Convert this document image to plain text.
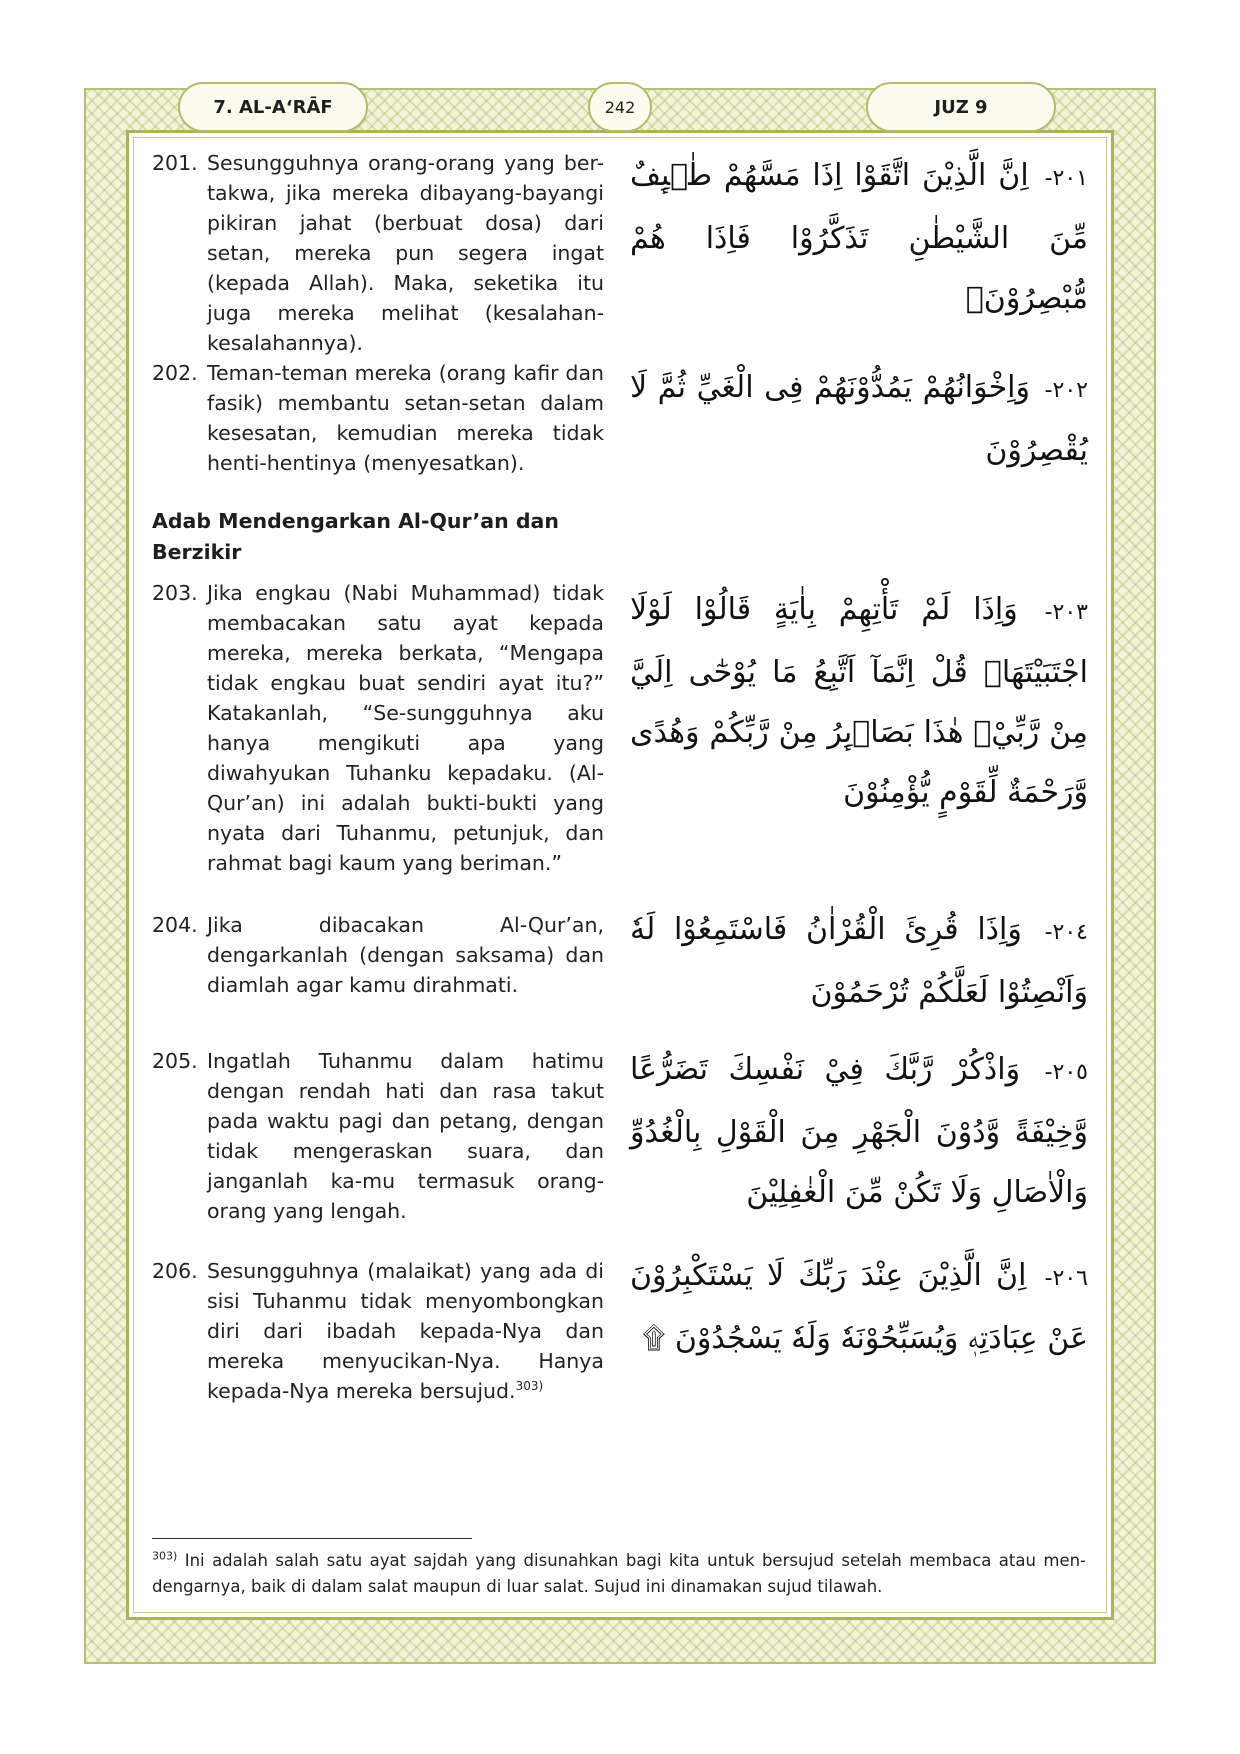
7. AL-A‘RĀF	242	JUZ 9
201. Sesungguhnya orang-orang yang ber-takwa, jika mereka dibayang-bayangi pikiran jahat (berbuat dosa) dari setan, mereka pun segera ingat (kepada Allah). Maka, seketika itu juga mereka melihat (kesalahan-kesalahannya).
٢٠١- اِنَّ الَّذِيْنَ اتَّقَوْا اِذَا مَسَّهُمْ طٰۤىِٕفٌ مِّنَ الشَّيْطٰنِ تَذَكَّرُوْا فَاِذَا هُمْ مُّبْصِرُوْنَۚ
202. Teman-teman mereka (orang kafir dan fasik) membantu setan-setan dalam kesesatan, kemudian mereka tidak henti-hentinya (menyesatkan).
٢٠٢- وَاِخْوَانُهُمْ يَمُدُّوْنَهُمْ فِى الْغَيِّ ثُمَّ لَا يُقْصِرُوْنَ
Adab Mendengarkan Al-Qur’an dan Berzikir
203. Jika engkau (Nabi Muhammad) tidak membacakan satu ayat kepada mereka, mereka berkata, “Mengapa tidak engkau buat sendiri ayat itu?” Katakanlah, “Se-sungguhnya aku hanya mengikuti apa yang diwahyukan Tuhanku kepadaku. (Al-Qur’an) ini adalah bukti-bukti yang nyata dari Tuhanmu, petunjuk, dan rahmat bagi kaum yang beriman.”
٢٠٣- وَاِذَا لَمْ تَأْتِهِمْ بِاٰيَةٍ قَالُوْا لَوْلَا اجْتَبَيْتَهَاۗ قُلْ اِنَّمَآ اَتَّبِعُ مَا يُوْحٰٓى اِلَيَّ مِنْ رَّبِّيْۗ هٰذَا بَصَاۤىِٕرُ مِنْ رَّبِّكُمْ وَهُدًى وَّرَحْمَةٌ لِّقَوْمٍ يُّؤْمِنُوْنَ
204. Jika dibacakan Al-Qur’an, dengarkanlah (dengan saksama) dan diamlah agar kamu dirahmati.
٢٠٤- وَاِذَا قُرِئَ الْقُرْاٰنُ فَاسْتَمِعُوْا لَهٗ وَاَنْصِتُوْا لَعَلَّكُمْ تُرْحَمُوْنَ
205. Ingatlah Tuhanmu dalam hatimu dengan rendah hati dan rasa takut pada waktu pagi dan petang, dengan tidak mengeraskan suara, dan janganlah ka-mu termasuk orang-orang yang lengah.
٢٠٥- وَاذْكُرْ رَّبَّكَ فِيْ نَفْسِكَ تَضَرُّعًا وَّخِيْفَةً وَّدُوْنَ الْجَهْرِ مِنَ الْقَوْلِ بِالْغُدُوِّ وَالْاٰصَالِ وَلَا تَكُنْ مِّنَ الْغٰفِلِيْنَ
206. Sesungguhnya (malaikat) yang ada di sisi Tuhanmu tidak menyombongkan diri dari ibadah kepada-Nya dan mereka menyucikan-Nya. Hanya kepada-Nya mereka bersujud.$^{303)}$
٢٠٦- اِنَّ الَّذِيْنَ عِنْدَ رَبِّكَ لَا يَسْتَكْبِرُوْنَ عَنْ عِبَادَتِهٖ وَيُسَبِّحُوْنَهٗ وَلَهٗ يَسْجُدُوْنَ ۩
$^{303)}$ Ini adalah salah satu ayat sajdah yang disunahkan bagi kita untuk bersujud setelah membaca atau men-dengarnya, baik di dalam salat maupun di luar salat. Sujud ini dinamakan sujud tilawah.
